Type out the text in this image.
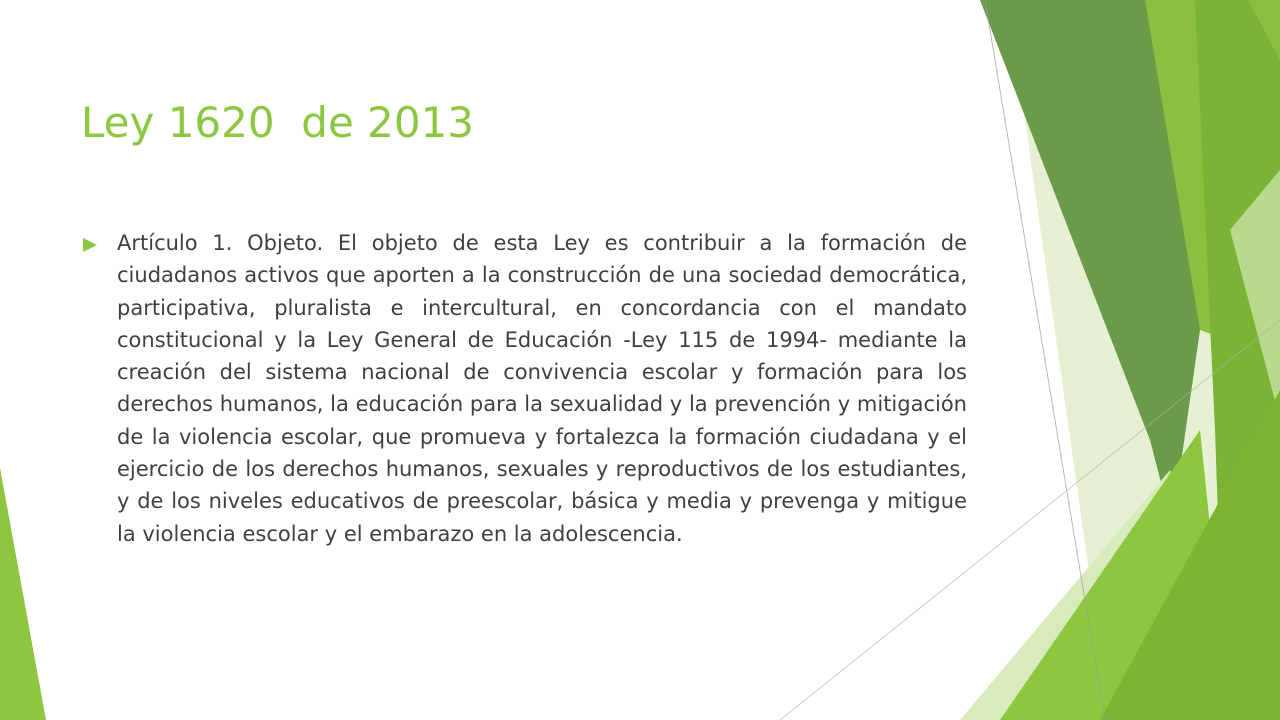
Ley 1620  de 2013

Artículo 1. Objeto. El objeto de esta Ley es contribuir a la formación de ciudadanos activos que aporten a la construcción de una sociedad democrática, participativa, pluralista e intercultural, en concordancia con el mandato constitucional y la Ley General de Educación -Ley 115 de 1994- mediante la creación del sistema nacional de convivencia escolar y formación para los derechos humanos, la educación para la sexualidad y la prevención y mitigación de la violencia escolar, que promueva y fortalezca la formación ciudadana y el ejercicio de los derechos humanos, sexuales y reproductivos de los estudiantes, y de los niveles educativos de preescolar, básica y media y prevenga y mitigue la violencia escolar y el embarazo en la adolescencia.
